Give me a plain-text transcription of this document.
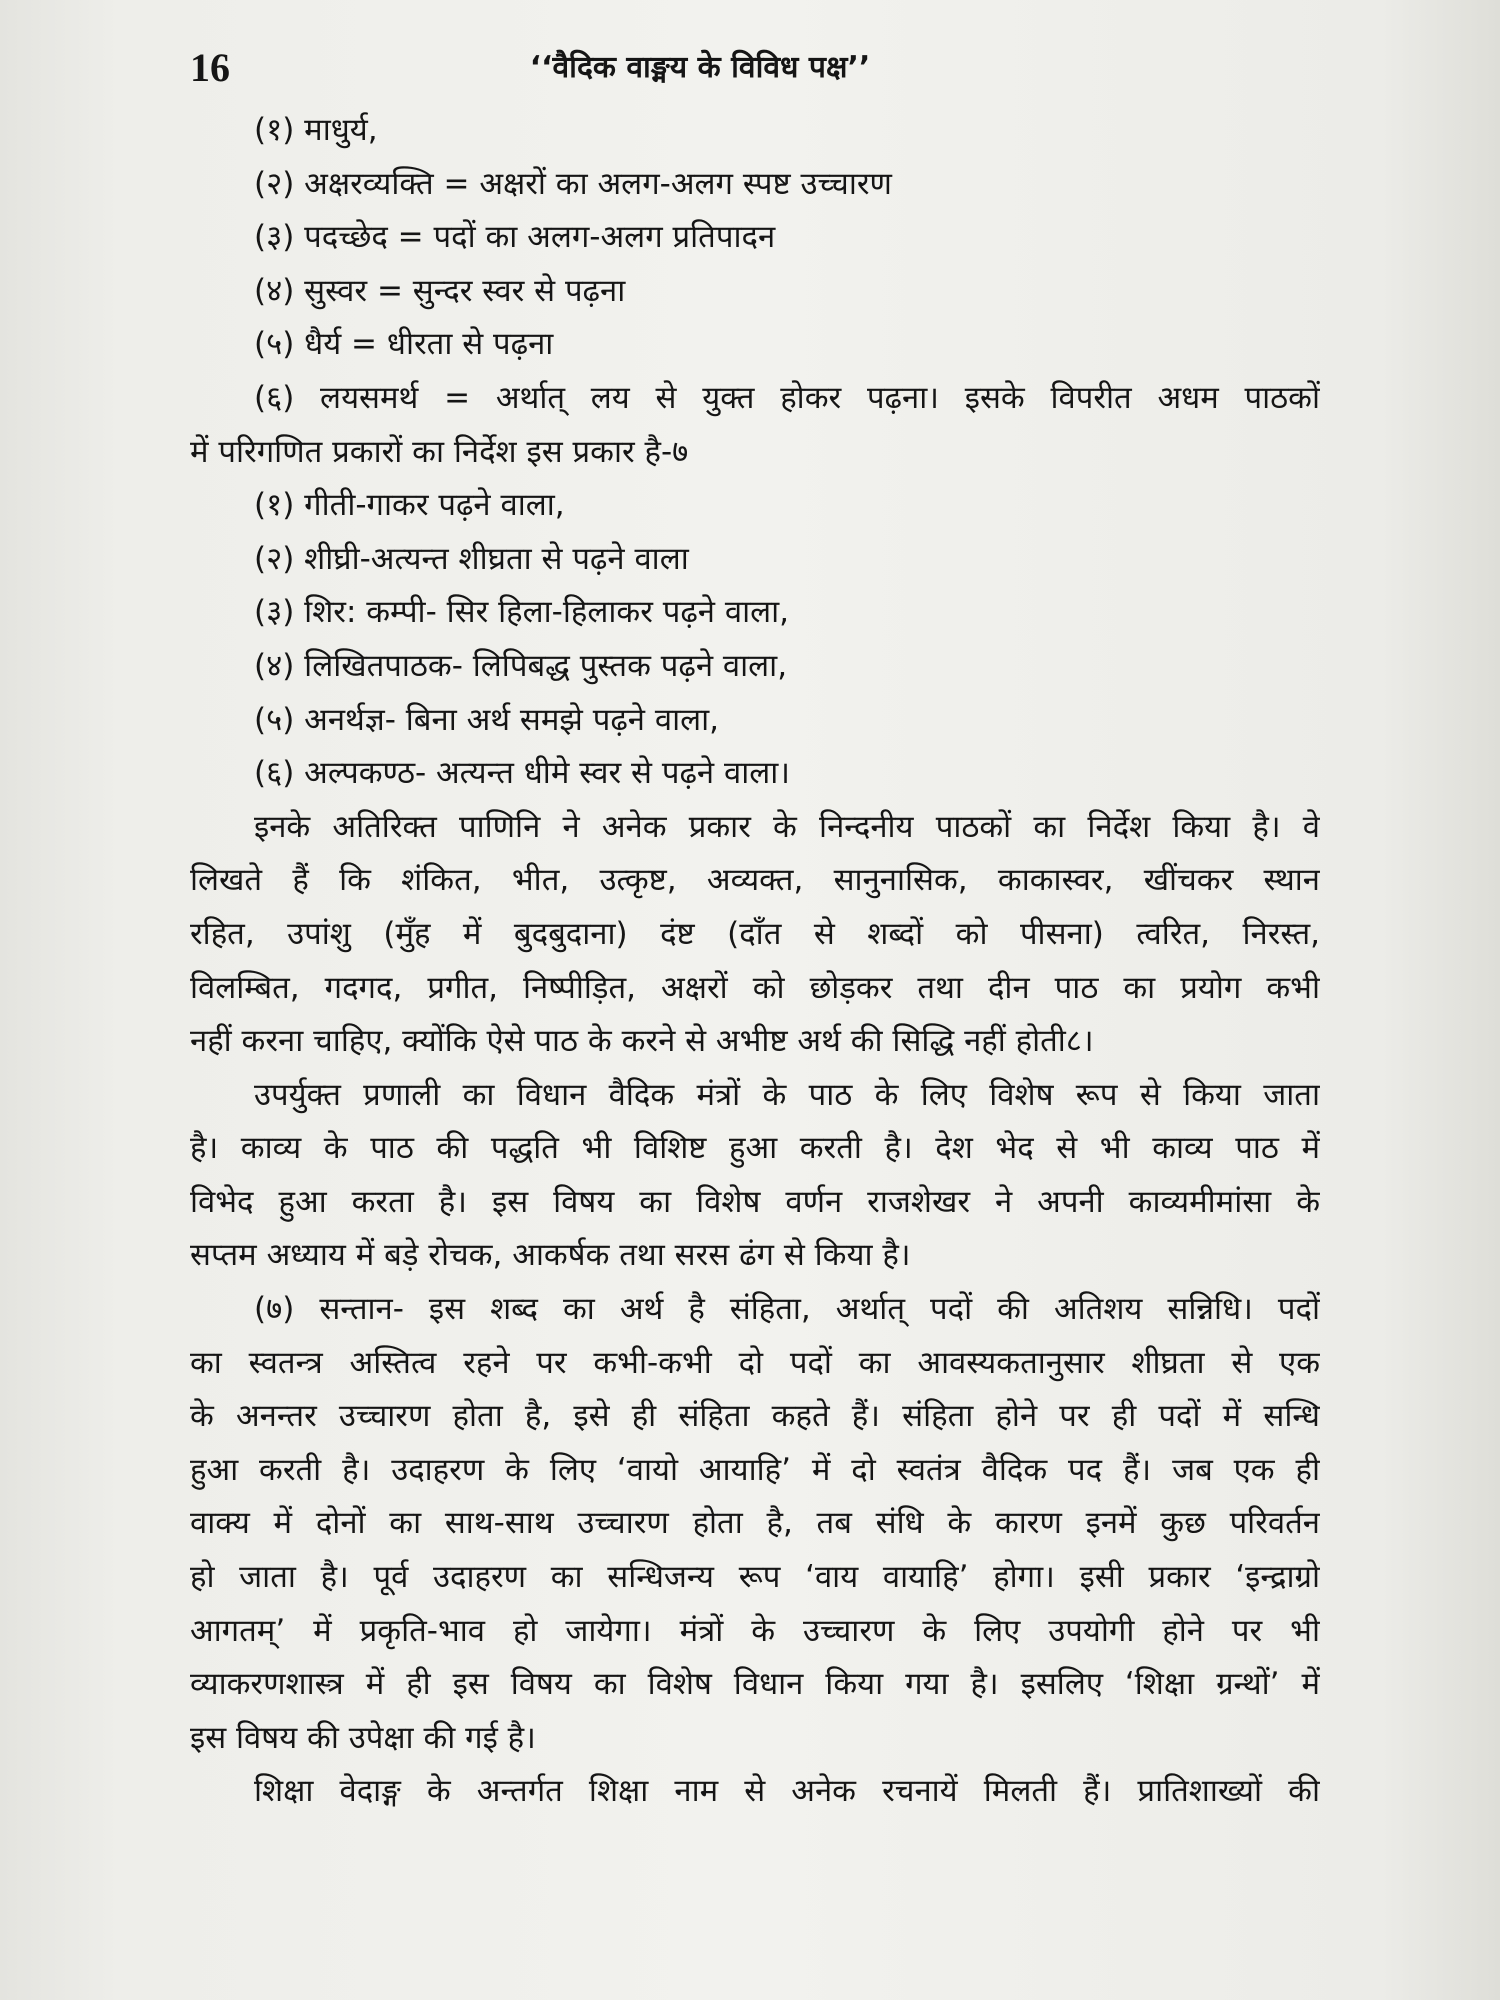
16	‘‘वैदिक वाङ्मय के विविध पक्ष’’
(१) माधुर्य,
(२) अक्षरव्यक्ति = अक्षरों का अलग-अलग स्पष्ट उच्चारण
(३) पदच्छेद = पदों का अलग-अलग प्रतिपादन
(४) सुस्वर = सुन्दर स्वर से पढ़ना
(५) धैर्य = धीरता से पढ़ना
(६) लयसमर्थ = अर्थात् लय से युक्त होकर पढ़ना। इसके विपरीत अधम पाठकों
में परिगणित प्रकारों का निर्देश इस प्रकार है-७
(१) गीती-गाकर पढ़ने वाला,
(२) शीघ्री-अत्यन्त शीघ्रता से पढ़ने वाला
(३) शिर: कम्पी- सिर हिला-हिलाकर पढ़ने वाला,
(४) लिखितपाठक- लिपिबद्ध पुस्तक पढ़ने वाला,
(५) अनर्थज्ञ- बिना अर्थ समझे पढ़ने वाला,
(६) अल्पकण्ठ- अत्यन्त धीमे स्वर से पढ़ने वाला।
इनके अतिरिक्त पाणिनि ने अनेक प्रकार के निन्दनीय पाठकों का निर्देश किया है। वे
लिखते हैं कि शंकित, भीत, उत्कृष्ट, अव्यक्त, सानुनासिक, काकास्वर, खींचकर स्थान
रहित, उपांशु (मुँह में बुदबुदाना) दंष्ट (दाँत से शब्दों को पीसना) त्वरित, निरस्त,
विलम्बित, गदगद, प्रगीत, निष्पीड़ित, अक्षरों को छोड़कर तथा दीन पाठ का प्रयोग कभी
नहीं करना चाहिए, क्योंकि ऐसे पाठ के करने से अभीष्ट अर्थ की सिद्धि नहीं होती८।
उपर्युक्त प्रणाली का विधान वैदिक मंत्रों के पाठ के लिए विशेष रूप से किया जाता
है। काव्य के पाठ की पद्धति भी विशिष्ट हुआ करती है। देश भेद से भी काव्य पाठ में
विभेद हुआ करता है। इस विषय का विशेष वर्णन राजशेखर ने अपनी काव्यमीमांसा के
सप्तम अध्याय में बड़े रोचक, आकर्षक तथा सरस ढंग से किया है।
(७) सन्तान- इस शब्द का अर्थ है संहिता, अर्थात् पदों की अतिशय सन्निधि। पदों
का स्वतन्त्र अस्तित्व रहने पर कभी-कभी दो पदों का आवस्यकतानुसार शीघ्रता से एक
के अनन्तर उच्चारण होता है, इसे ही संहिता कहते हैं। संहिता होने पर ही पदों में सन्धि
हुआ करती है। उदाहरण के लिए ‘वायो आयाहि’ में दो स्वतंत्र वैदिक पद हैं। जब एक ही
वाक्य में दोनों का साथ-साथ उच्चारण होता है, तब संधि के कारण इनमें कुछ परिवर्तन
हो जाता है। पूर्व उदाहरण का सन्धिजन्य रूप ‘वाय वायाहि’ होगा। इसी प्रकार ‘इन्द्राग्रो
आगतम्’ में प्रकृति-भाव हो जायेगा। मंत्रों के उच्चारण के लिए उपयोगी होने पर भी
व्याकरणशास्त्र में ही इस विषय का विशेष विधान किया गया है। इसलिए ‘शिक्षा ग्रन्थों’ में
इस विषय की उपेक्षा की गई है।
शिक्षा वेदाङ्ग के अन्तर्गत शिक्षा नाम से अनेक रचनायें मिलती हैं। प्रातिशाख्यों की
